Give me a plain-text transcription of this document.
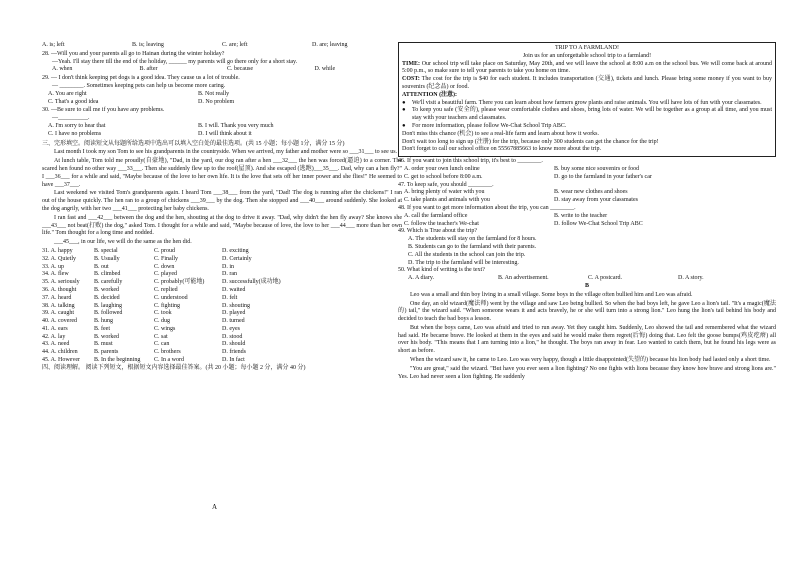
A. is; left	B. is; leaving	C. are; left	D. are; leaving

28. —Will you and your parents all go to Hainan during the winter holiday?

—Yeah. I'll stay there till the end of the holiday, ______ my parents will go there only for a short stay.

A. when	B. after	C. because	D. while

29. — I don't think keeping pet dogs is a good idea. They cause us a lot of trouble.

— ________. Sometimes keeping pets can help us become more caring.

A. You are right	B. Not really
C. That's a good idea	D. No problem

30. —Be sure to call me if you have any problems.

—__________.

A. I'm sorry to hear that	B. I will. Thank you very much
C. I have no problems	D. I will think about it

三、完形填空。阅读短文从每题所给选项中选出可以填入空白处的最佳选项。(共 15 小题；每小题 1分，满分 15 分)

Last month I took my son Tom to see his grandparents in the countryside. When we arrived, my father and mother were so ___31___ to see us.

At lunch table, Tom told me proudly(自豪地), "Dad, in the yard, our dog ran after a hen ___32___ the hen was forced(逼迫) to a corner. The scared hen found no other way ___33___. Then she suddenly flew up to the roof(屋顶). And she escaped (逃跑)___35___. Dad, why can a hen fly?" I ___36___ for a while and said, "Maybe because of the love to her own life. It is the love that sets off her inner power and she flies!" He seemed to have ___37___.

Last weekend we visited Tom's grandparents again. I heard Tom ___38___ from the yard, "Dad! The dog is running after the chickens!" I ran out of the house quickly. The hen ran to a group of chickens ___39___ by the dog. Then she stopped and ___40___ around suddenly. She looked at the dog angrily, with her two ___41___ protecting her baby chickens.

I ran fast and ___42___ between the dog and the hen, shouting at the dog to drive it away. "Dad, why didn't the hen fly away? She knows she ___43___ not beat(打败) the dog," asked Tom. I thought for a while and said, "Maybe because of love, the love to her ___44___ more than her own life." Tom thought for a long time and nodded.

___45___, in our life, we will do the same as the hen did.

31. A. happy	B. special	C. proud	D. exciting
32. A. Quietly	B. Usually	C. Finally	D. Certainly
33. A. up	B. out	C. down	D. in
34. A. flew	B. climbed	C. played	D. ran
35. A. seriously	B. carefully	C. probably(可能地)	D. successfully(成功地)
36. A. thought	B. worked	C. replied	D. waited
37. A. heard	B. decided	C. understood	D. felt
38. A. talking	B. laughing	C. fighting	D. shouting
39. A. caught	B. followed	C. took	D. played
40. A. covered	B. hung	C. dug	D. turned
41. A. ears	B. feet	C. wings	D. eyes
42. A. lay	B. worked	C. sat	D. stood
43. A. need	B. must	C. can	D. should
44. A. children	B. parents	C. brothers	D. friends
45. A. However	B. In the beginning	C. In a word	D. In fact

四、阅读理解。 阅读下列短文，根据短文内容选择最佳答案。(共 20 小题；每小题 2 分，满分 40 分)

A

TRIP TO A FARMLAND!

Join us for an unforgettable school trip to a farmland!

TIME: Our school trip will take place on Saturday, May 20th, and we will leave the school at 8:00 a.m on the school bus. We will come back at around 5:00 p.m., so make sure to tell your parents to take you home on time.

COST: The cost for the trip is $40 for each student. It includes transportation (交通), tickets and lunch. Please bring some money if you want to buy souvenirs (纪念品) or food.

ATTENTION (注意):

●	We'll visit a beautiful farm. There you can learn about how farmers grow plants and raise animals. You will have lots of fun with your classmates.
●	To keep you safe (安全的), please wear comfortable clothes and shoes, bring lots of water. We will be together as a group at all time, and you must stay with your teachers and classmates.
●	For more information, please follow We-Chat School Trip ABC.

Don't miss this chance (机会) to see a real-life farm and learn about how it works.

Don't wait too long to sign up (注册) for the trip, because only 300 students can get the chance for the trip!

Don't forget to call our school office on 55567885663 to know more about the trip.

46. If you want to join this school trip, it's best to ________.

A. order your own lunch online	B. buy some nice souvenirs or food
C. get to school before 8:00 a.m.	D. go to the farmland in your father's car

47. To keep safe, you should ________.

A. bring plenty of water with you	B. wear new clothes and shoes
C. take plants and animals with you	D. stay away from your classmates

48. If you want to get more information about the trip, you can ________.

A. call the farmland office	B. write to the teacher
C. follow the teacher's We-chat	D. follow We-Chat School Trip ABC

49. Which is True about the trip?

A. The students will stay on the farmland for 8 hours.

B. Students can go to the farmland with their parents.

C. All the students in the school can join the trip.

D. The trip to the farmland will be interesting.

50. What kind of writing is the text?

A. A diary.	B. An advertisement.	C. A postcard.	D. A story.

B

Leo was a small and thin boy living in a small village. Some boys in the village often bullied him and Leo was afraid.

One day, an old wizard(魔法师) went by the village and saw Leo being bullied. So when the bad boys left, he gave Leo a lion's tail. "It's a magic(魔法的) tail," the wizard said. "When someone wears it and acts bravely, he or she will turn into a strong lion." Leo hung the lion's tail behind his body and decided to teach the bad boys a lesson.

But when the boys came, Leo was afraid and tried to run away. Yet they caught him. Suddenly, Leo showed the tail and remembered what the wizard had said. He became brave. He looked at them in the eyes and said he would make them regret(后悔) doing that. Leo felt the goose bumps(鸡皮疙瘩) all over his body. "This means that I am turning into a lion," he thought. The boys ran away in fear. Leo wanted to catch them, but he found his legs were as short as before.

When the wizard saw it, he came to Leo. Leo was very happy, though a little disappointed(失望的) because his lion body had lasted only a short time.

"You are great," said the wizard. "But have you ever seen a lion fighting? No one fights with lions because they know how brave and strong lions are." Yes. Leo had never seen a lion fighting. He suddenly
